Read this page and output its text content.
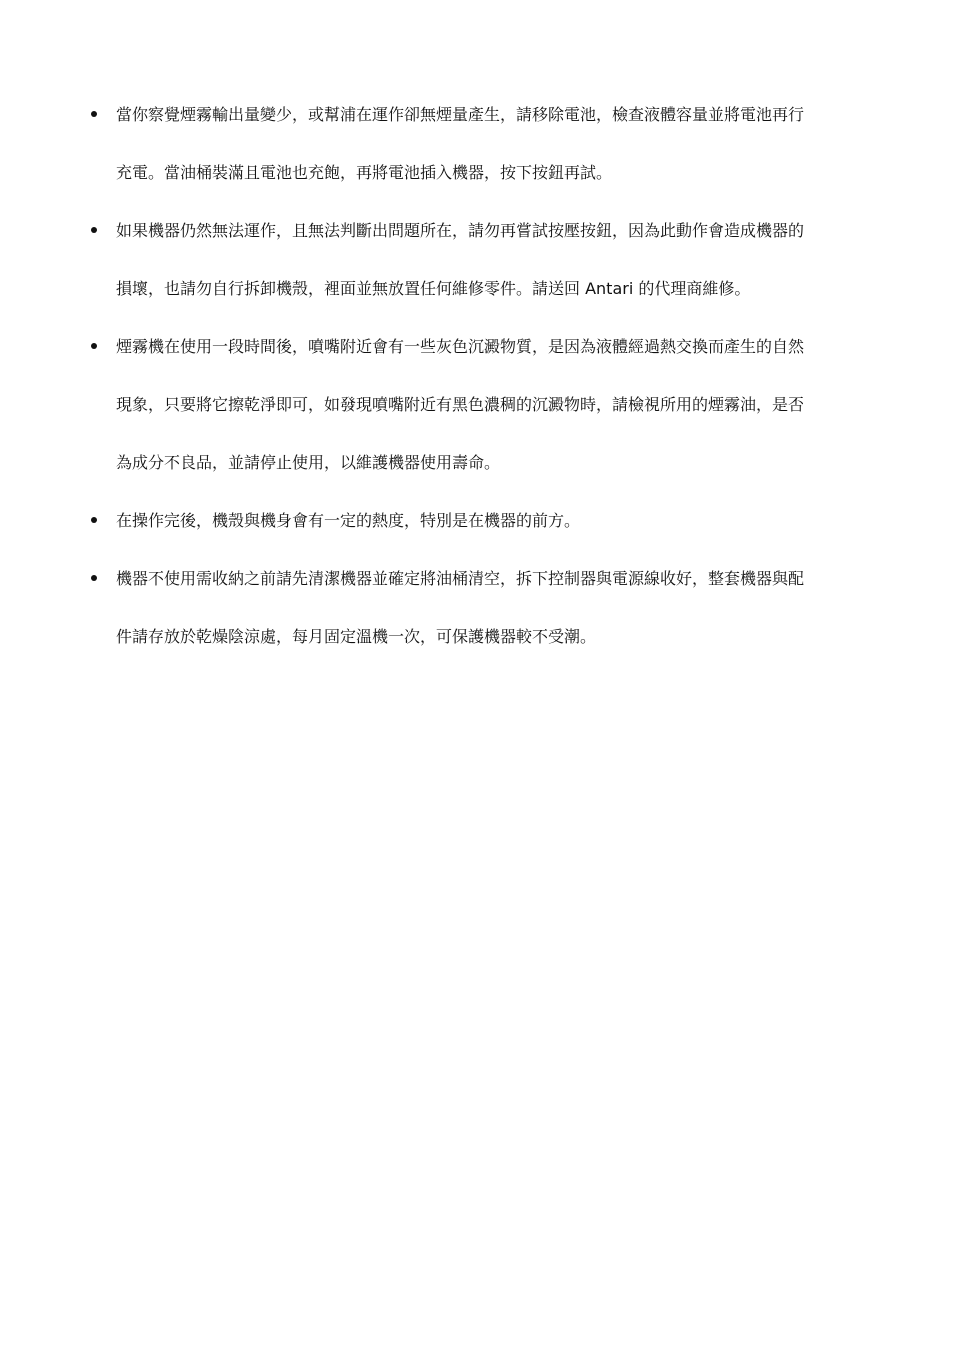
當你察覺煙霧輸出量變少，或幫浦在運作卻無煙量產生，請移除電池，檢查液體容量並將電池再行
充電。當油桶裝滿且電池也充飽，再將電池插入機器，按下按鈕再試。
如果機器仍然無法運作，且無法判斷出問題所在，請勿再嘗試按壓按鈕，因為此動作會造成機器的
損壞，也請勿自行拆卸機殼，裡面並無放置任何維修零件。請送回 Antari 的代理商維修。
煙霧機在使用一段時間後，噴嘴附近會有一些灰色沉澱物質，是因為液體經過熱交換而產生的自然
現象，只要將它擦乾淨即可，如發現噴嘴附近有黑色濃稠的沉澱物時，請檢視所用的煙霧油，是否
為成分不良品，並請停止使用，以維護機器使用壽命。
在操作完後，機殼與機身會有一定的熱度，特別是在機器的前方。
機器不使用需收納之前請先清潔機器並確定將油桶清空，拆下控制器與電源線收好，整套機器與配
件請存放於乾燥陰涼處，每月固定溫機一次，可保護機器較不受潮。
